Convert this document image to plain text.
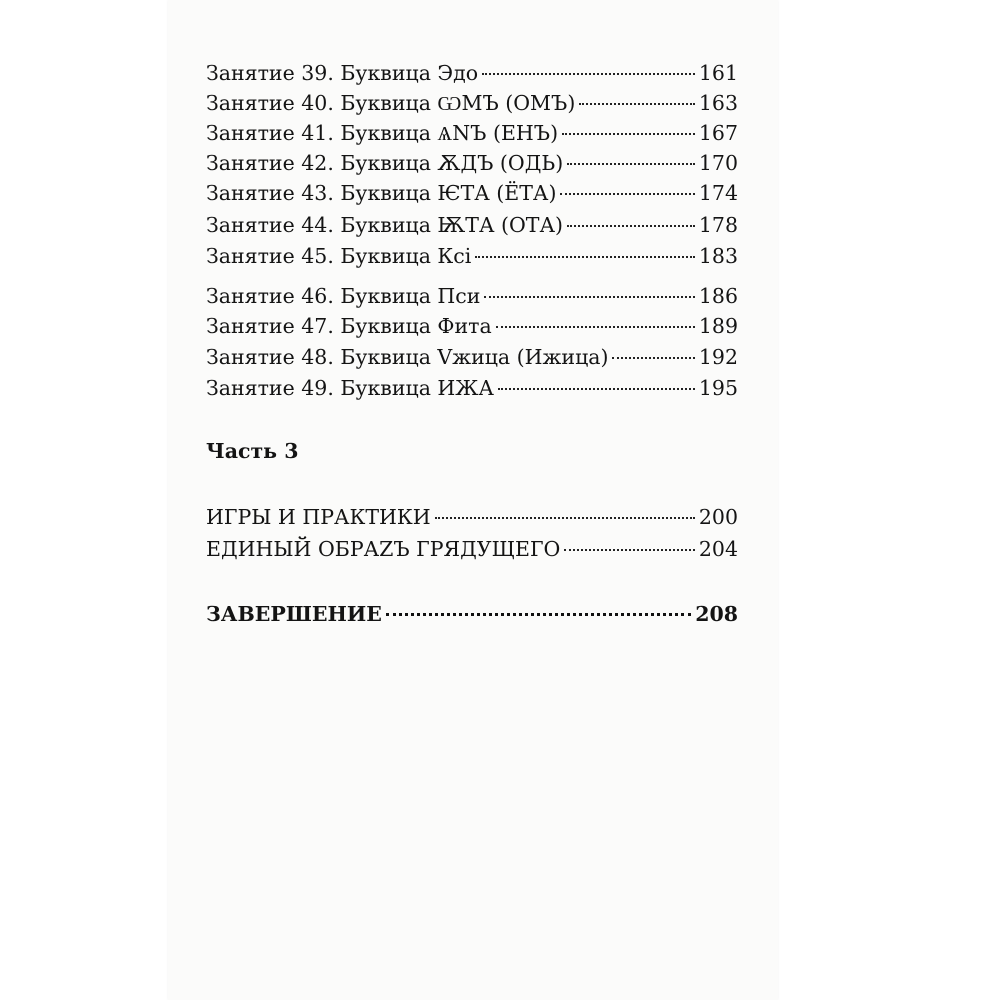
Занятие 39. Буквица Эдо	161
Занятие 40. Буквица ѠМЪ (ОМЪ)	163
Занятие 41. Буквица ѦNЪ (ЕНЪ)	167
Занятие 42. Буквица ѪДЪ (ОДЬ)	170
Занятие 43. Буквица ѤТА (ЁТА)	174
Занятие 44. Буквица ѬТА (ОТА)	178
Занятие 45. Буквица Ксі	183
Занятие 46. Буквица Пси	186
Занятие 47. Буквица Фита	189
Занятие 48. Буквица Vжица (Ижица)	192
Занятие 49. Буквица ИЖА	195
Часть 3
ИГРЫ И ПРАКТИКИ	200
ЕДИНЫЙ ОБРАZЪ ГРЯДУЩЕГО	204
ЗАВЕРШЕНИЕ	208
